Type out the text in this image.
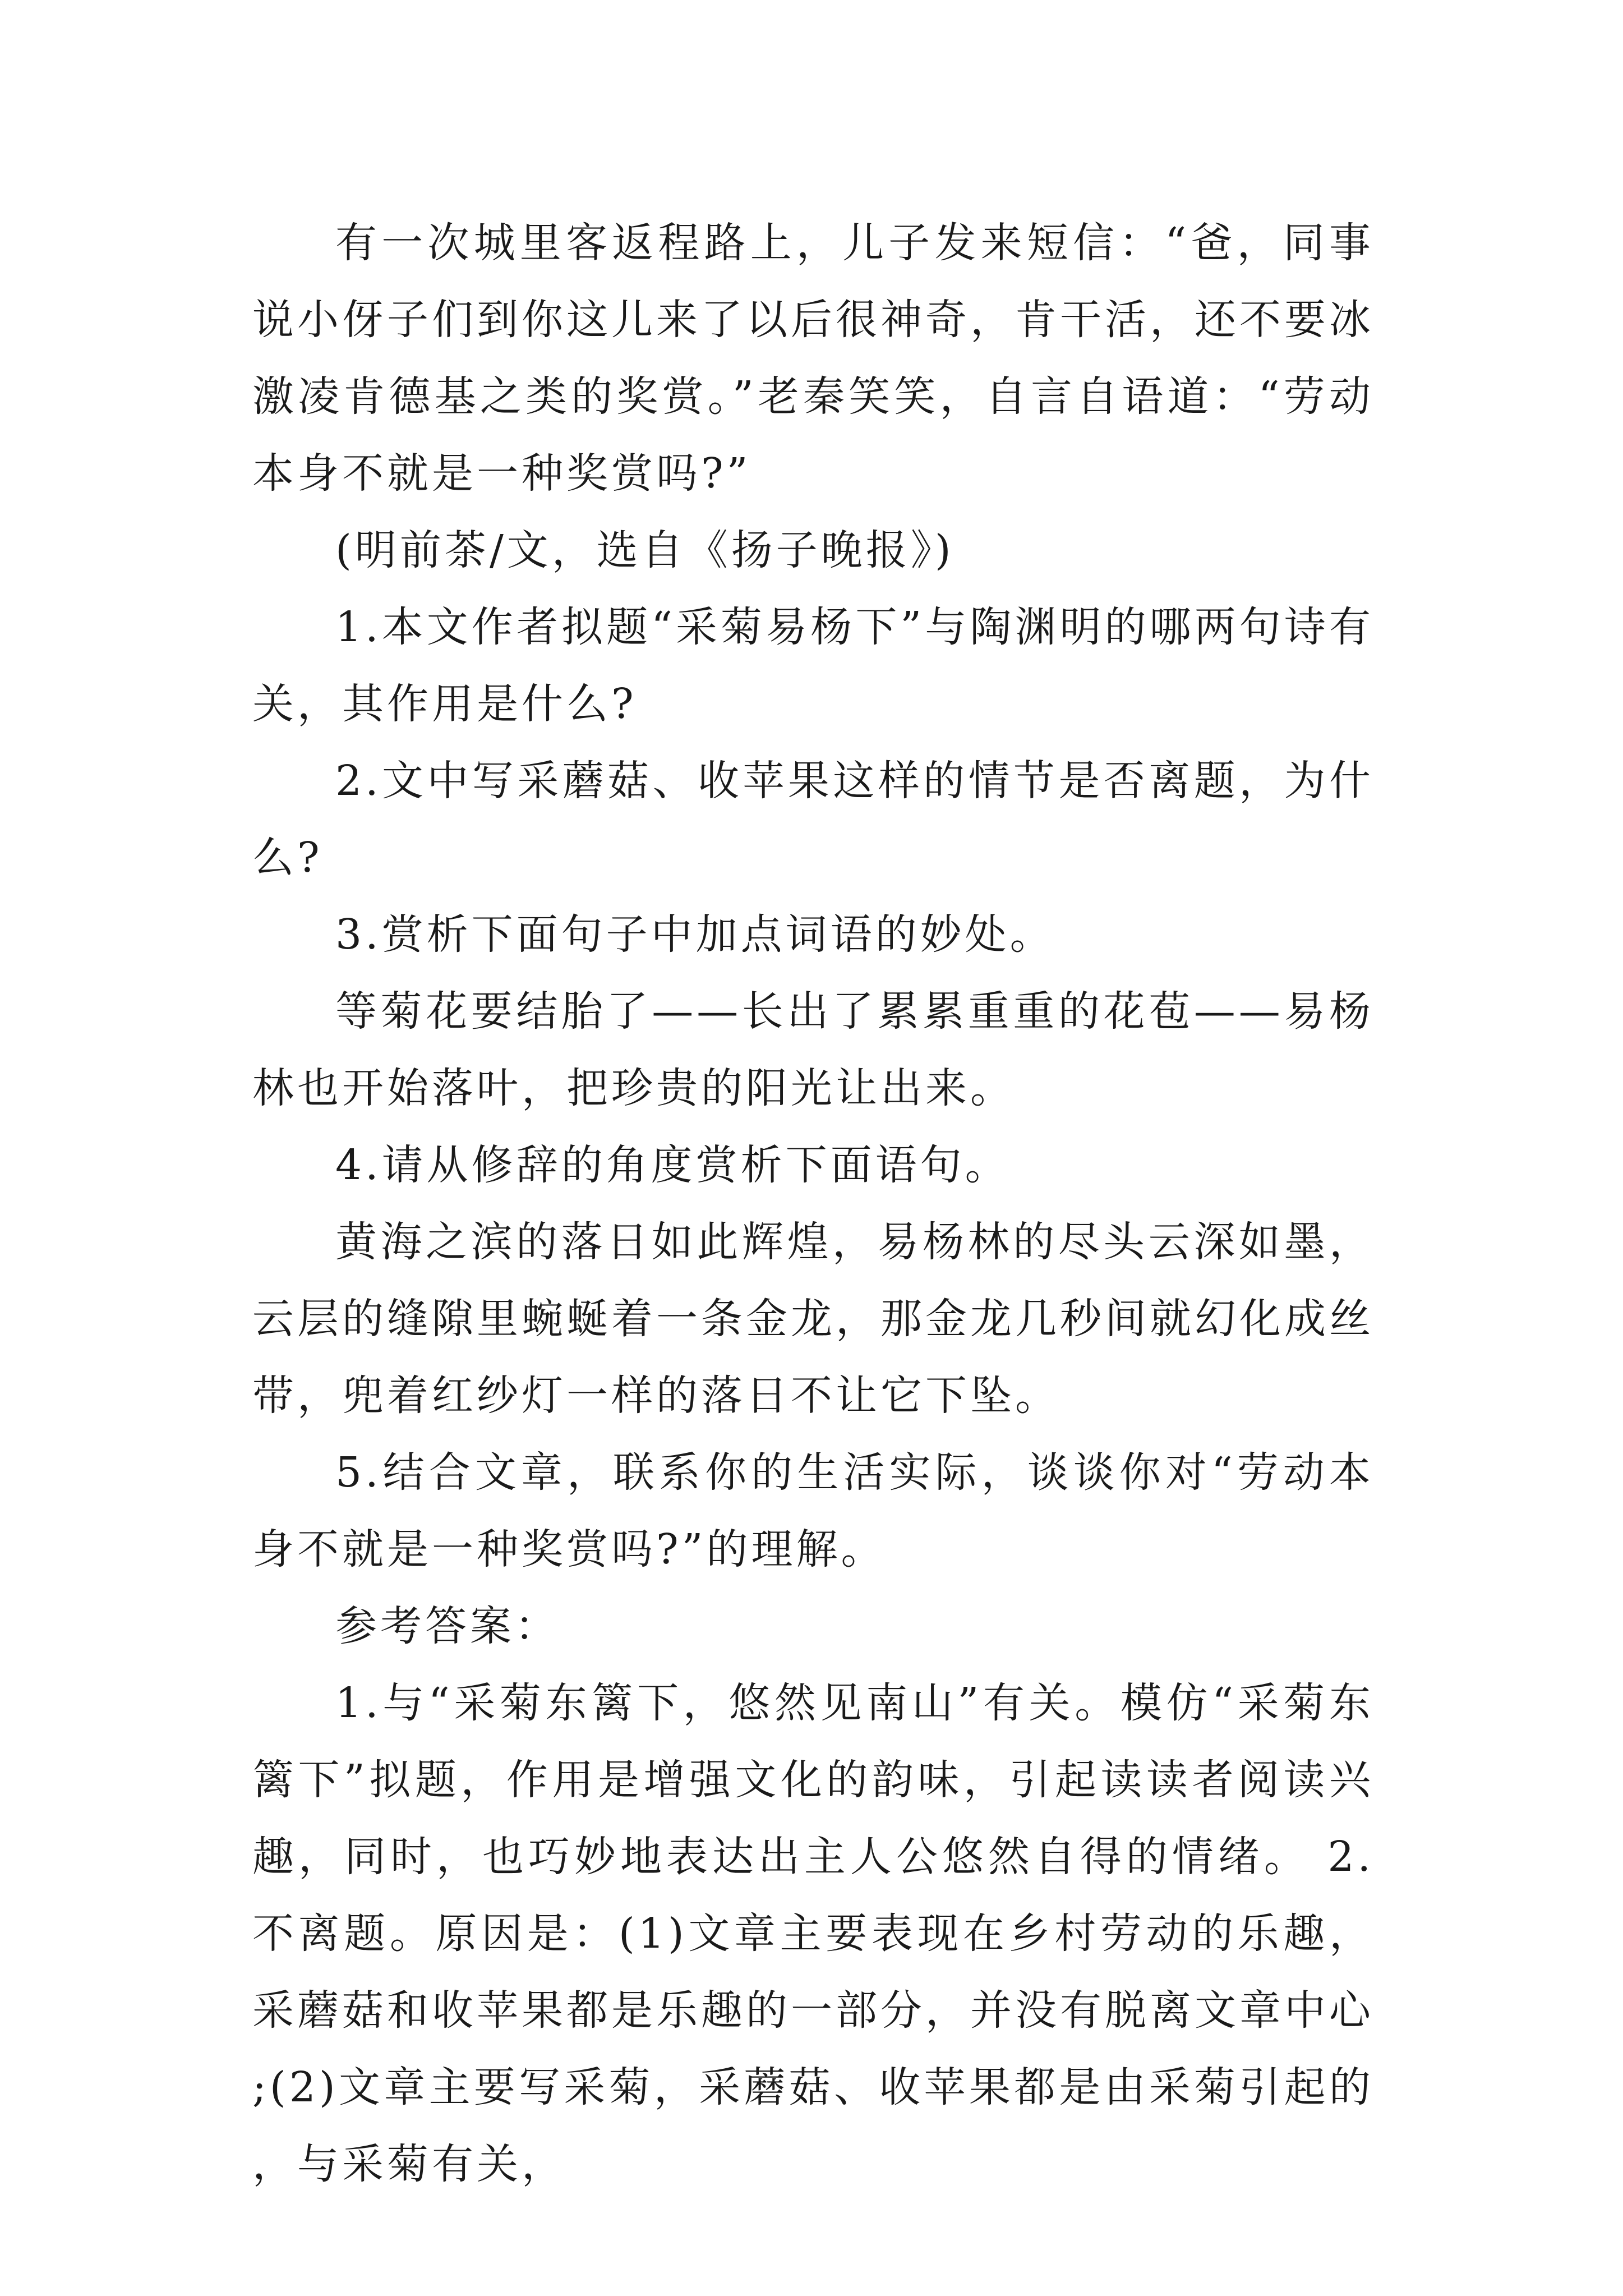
有一次城里客返程路上，儿子发来短信：“爸，同事说小伢子们到你这儿来了以后很神奇，肯干活，还不要冰激凌肯德基之类的奖赏。”老秦笑笑，自言自语道：“劳动本身不就是一种奖赏吗?”

(明前茶/文，选自《扬子晚报》)

1.本文作者拟题“采菊易杨下”与陶渊明的哪两句诗有关，其作用是什么?

2.文中写采蘑菇、收苹果这样的情节是否离题，为什么?

3.赏析下面句子中加点词语的妙处。

等菊花要结胎了——长出了累累重重的花苞——易杨林也开始落叶，把珍贵的阳光让出来。

4.请从修辞的角度赏析下面语句。

黄海之滨的落日如此辉煌，易杨林的尽头云深如墨，云层的缝隙里蜿蜒着一条金龙，那金龙几秒间就幻化成丝带，兜着红纱灯一样的落日不让它下坠。

5.结合文章，联系你的生活实际，谈谈你对“劳动本身不就是一种奖赏吗?”的理解。

参考答案：

1.与“采菊东篱下，悠然见南山”有关。模仿“采菊东篱下”拟题，作用是增强文化的韵味，引起读读者阅读兴趣，同时，也巧妙地表达出主人公悠然自得的情绪。 2.不离题。原因是：(1)文章主要表现在乡村劳动的乐趣，采蘑菇和收苹果都是乐趣的一部分，并没有脱离文章中心;(2)文章主要写采菊，采蘑菇、收苹果都是由采菊引起的，与采菊有关，
